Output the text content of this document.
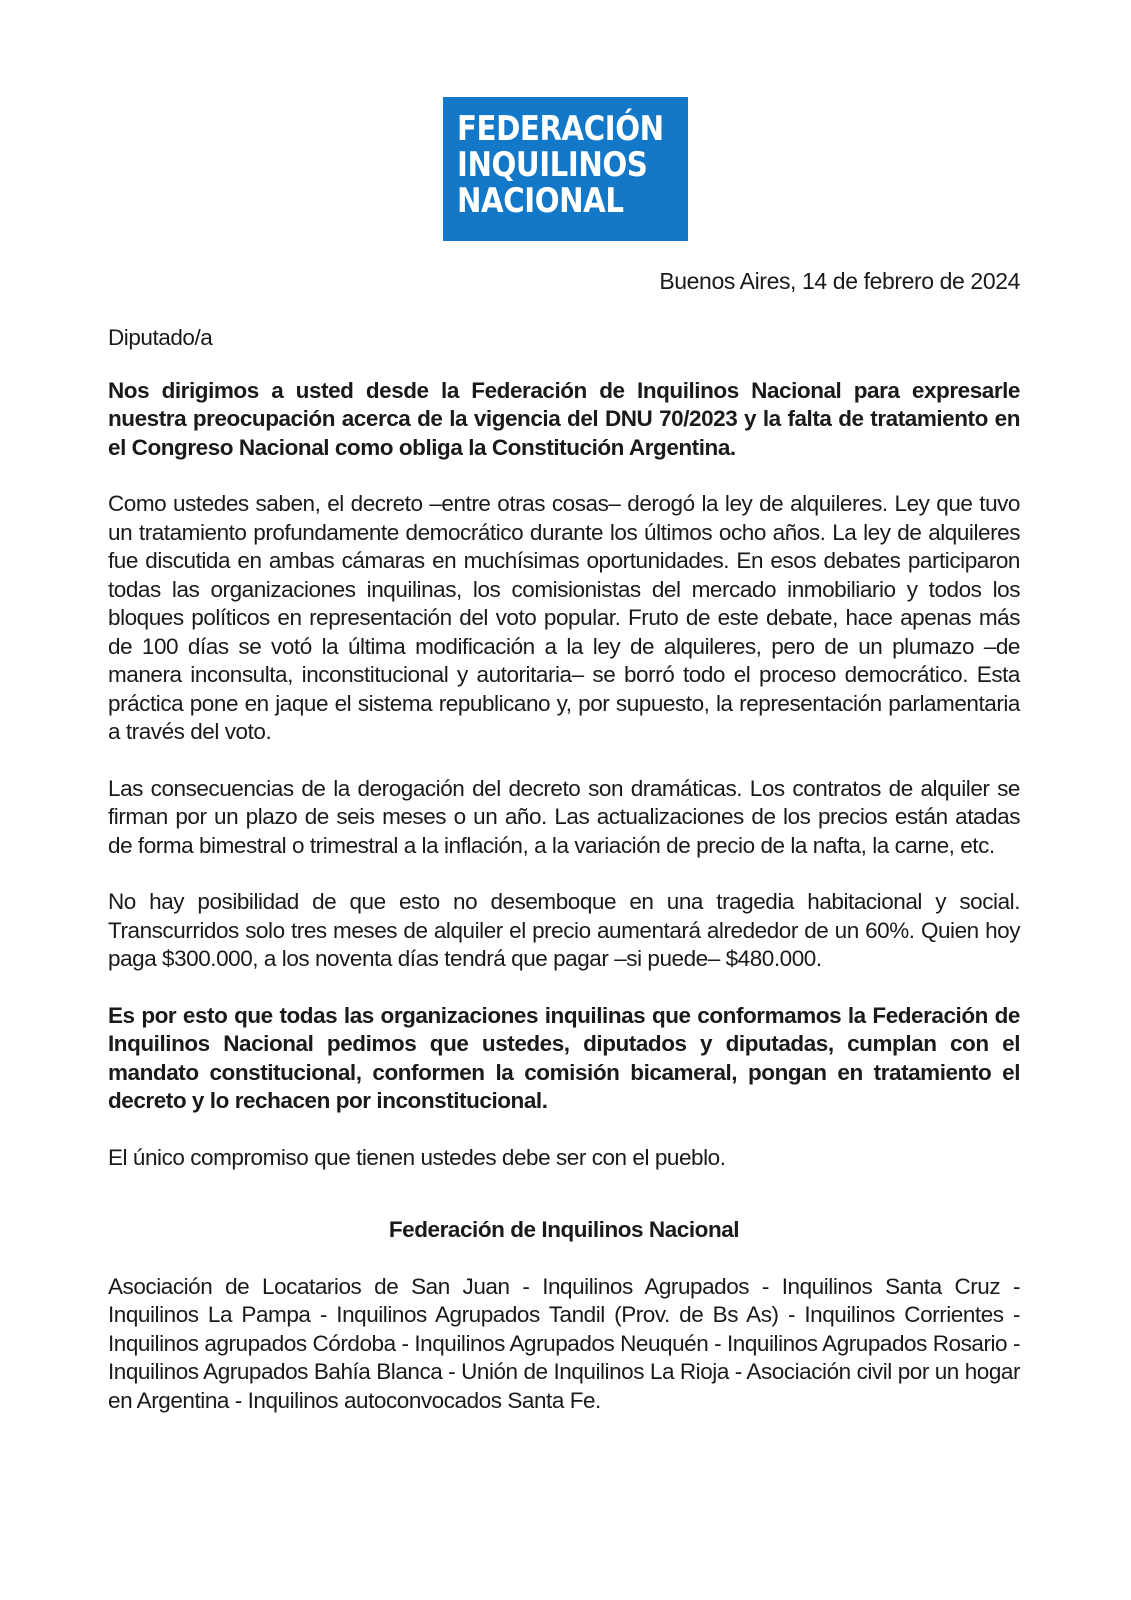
FEDERACIÓN
INQUILINOS
NACIONAL
Buenos Aires, 14 de febrero de 2024

Diputado/a

Nos dirigimos a usted desde la Federación de Inquilinos Nacional para expresarle nuestra preocupación acerca de la vigencia del DNU 70/2023 y la falta de tratamiento en el Congreso Nacional como obliga la Constitución Argentina.

Como ustedes saben, el decreto –entre otras cosas– derogó la ley de alquileres. Ley que tuvo un tratamiento profundamente democrático durante los últimos ocho años. La ley de alquileres fue discutida en ambas cámaras en muchísimas oportunidades. En esos debates participaron todas las organizaciones inquilinas, los comisionistas del mercado inmobiliario y todos los bloques políticos en representación del voto popular. Fruto de este debate, hace apenas más de 100 días se votó la última modificación a la ley de alquileres, pero de un plumazo –de manera inconsulta, inconstitucional y autoritaria– se borró todo el proceso democrático. Esta práctica pone en jaque el sistema republicano y, por supuesto, la representación parlamentaria a través del voto.

Las consecuencias de la derogación del decreto son dramáticas. Los contratos de alquiler se firman por un plazo de seis meses o un año. Las actualizaciones de los precios están atadas de forma bimestral o trimestral a la inflación, a la variación de precio de la nafta, la carne, etc.

No hay posibilidad de que esto no desemboque en una tragedia habitacional y social. Transcurridos solo tres meses de alquiler el precio aumentará alrededor de un 60%. Quien hoy paga $300.000, a los noventa días tendrá que pagar –si puede– $480.000.

Es por esto que todas las organizaciones inquilinas que conformamos la Federación de Inquilinos Nacional pedimos que ustedes, diputados y diputadas, cumplan con el mandato constitucional, conformen la comisión bicameral, pongan en tratamiento el decreto y lo rechacen por inconstitucional.

El único compromiso que tienen ustedes debe ser con el pueblo.

Federación de Inquilinos Nacional

Asociación de Locatarios de San Juan - Inquilinos Agrupados - Inquilinos Santa Cruz - Inquilinos La Pampa - Inquilinos Agrupados Tandil (Prov. de Bs As) - Inquilinos Corrientes - Inquilinos agrupados Córdoba - Inquilinos Agrupados Neuquén - Inquilinos Agrupados Rosario - Inquilinos Agrupados Bahía Blanca - Unión de Inquilinos La Rioja - Asociación civil por un hogar en Argentina - Inquilinos autoconvocados Santa Fe.
